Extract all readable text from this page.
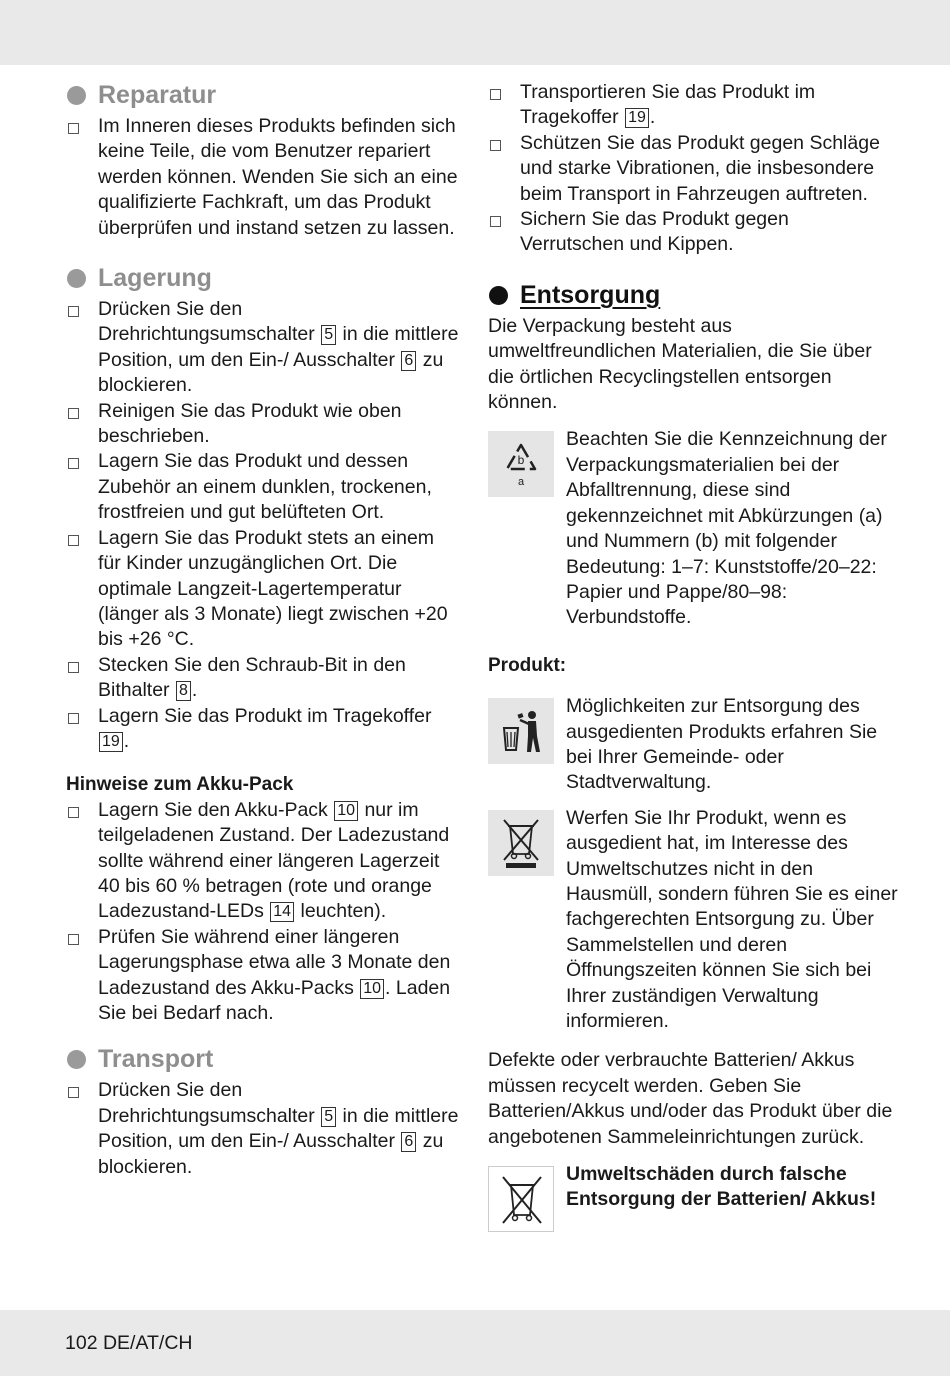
Reparatur
Im Inneren dieses Produkts befinden sich keine Teile, die vom Benutzer repariert werden können. Wenden Sie sich an eine qualifizierte Fachkraft, um das Produkt überprüfen und instand setzen zu lassen.
Lagerung
Drücken Sie den Drehrichtungsumschalter 5 in die mittlere Position, um den Ein-/ Ausschalter 6 zu blockieren.
Reinigen Sie das Produkt wie oben beschrieben.
Lagern Sie das Produkt und dessen Zubehör an einem dunklen, trockenen, frostfreien und gut belüfteten Ort.
Lagern Sie das Produkt stets an einem für Kinder unzugänglichen Ort. Die optimale Langzeit-Lagertemperatur (länger als 3 Monate) liegt zwischen +20 bis +26 °C.
Stecken Sie den Schraub-Bit in den Bithalter 8 .
Lagern Sie das Produkt im Tragekoffer 19 .
Hinweise zum Akku-Pack
Lagern Sie den Akku-Pack 10 nur im teilgeladenen Zustand. Der Ladezustand sollte während einer längeren Lagerzeit 40 bis 60 % betragen (rote und orange Ladezustand-LEDs 14 leuchten).
Prüfen Sie während einer längeren Lagerungsphase etwa alle 3 Monate den Ladezustand des Akku-Packs 10 . Laden Sie bei Bedarf nach.
Transport
Drücken Sie den Drehrichtungsumschalter 5 in die mittlere Position, um den Ein-/ Ausschalter 6 zu blockieren.
Transportieren Sie das Produkt im Tragekoffer 19 .
Schützen Sie das Produkt gegen Schläge und starke Vibrationen, die insbesondere beim Transport in Fahrzeugen auftreten.
Sichern Sie das Produkt gegen Verrutschen und Kippen.
Entsorgung

Die Verpackung besteht aus umweltfreundlichen Materialien, die Sie über die örtlichen Recyclingstellen entsorgen können.

b
a

Beachten Sie die Kennzeichnung der Verpackungsmaterialien bei der Abfalltrennung, diese sind gekennzeichnet mit Abkürzungen (a) und Nummern (b) mit folgender Bedeutung: 1–7: Kunststoffe/20–22: Papier und Pappe/80–98: Verbundstoffe.

Produkt:

Möglichkeiten zur Entsorgung des ausgedienten Produkts erfahren Sie bei Ihrer Gemeinde- oder Stadtverwaltung.

Werfen Sie Ihr Produkt, wenn es ausgedient hat, im Interesse des Umweltschutzes nicht in den Hausmüll, sondern führen Sie es einer fachgerechten Entsorgung zu. Über Sammelstellen und deren Öffnungszeiten können Sie sich bei Ihrer zuständigen Verwaltung informieren.

Defekte oder verbrauchte Batterien/ Akkus müssen recycelt werden. Geben Sie Batterien/Akkus und/oder das Produkt über die angebotenen Sammeleinrichtungen zurück.

Umweltschäden durch falsche Entsorgung der Batterien/ Akkus!

102 DE/AT/CH
